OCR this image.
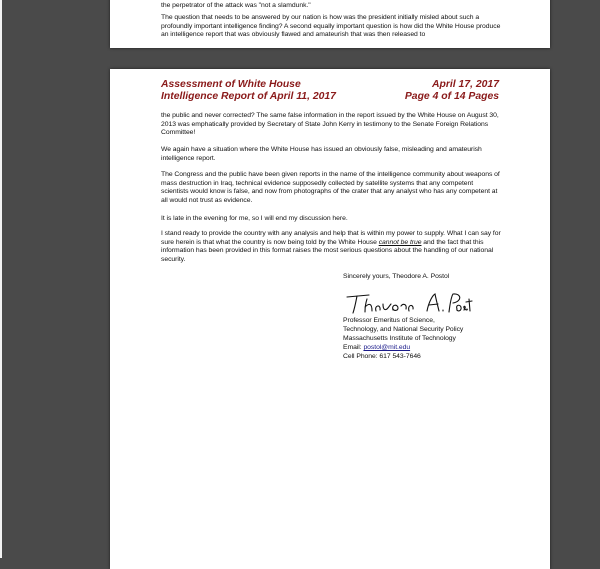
the perpetrator of the attack was "not a slamdunk."

The question that needs to be answered by our nation is how was the president initially misled about such a profoundly important intelligence finding? A second equally important question is how did the White House produce an intelligence report that was obviously flawed and amateurish that was then released to

Assessment of White House
Intelligence Report of April 11, 2017
April 17, 2017
Page 4 of 14 Pages

the public and never corrected? The same false information in the report issued by the White House on August 30, 2013 was emphatically provided by Secretary of State John Kerry in testimony to the Senate Foreign Relations Committee!

We again have a situation where the White House has issued an obviously false, misleading and amateurish intelligence report.

The Congress and the public have been given reports in the name of the intelligence community about weapons of mass destruction in Iraq, technical evidence supposedly collected by satellite systems that any competent scientists would know is false, and now from photographs of the crater that any analyst who has any competent at all would not trust as evidence.

It is late in the evening for me, so I will end my discussion here.

I stand ready to provide the country with any analysis and help that is within my power to supply. What I can say for sure herein is that what the country is now being told by the White House cannot be true and the fact that this information has been provided in this format raises the most serious questions about the handling of our national security.

Sincerely yours, Theodore A. Postol

Professor Emeritus of Science,

Technology, and National Security Policy

Massachusetts Institute of Technology

Email: postol@mit.edu

Cell Phone: 617 543-7646
